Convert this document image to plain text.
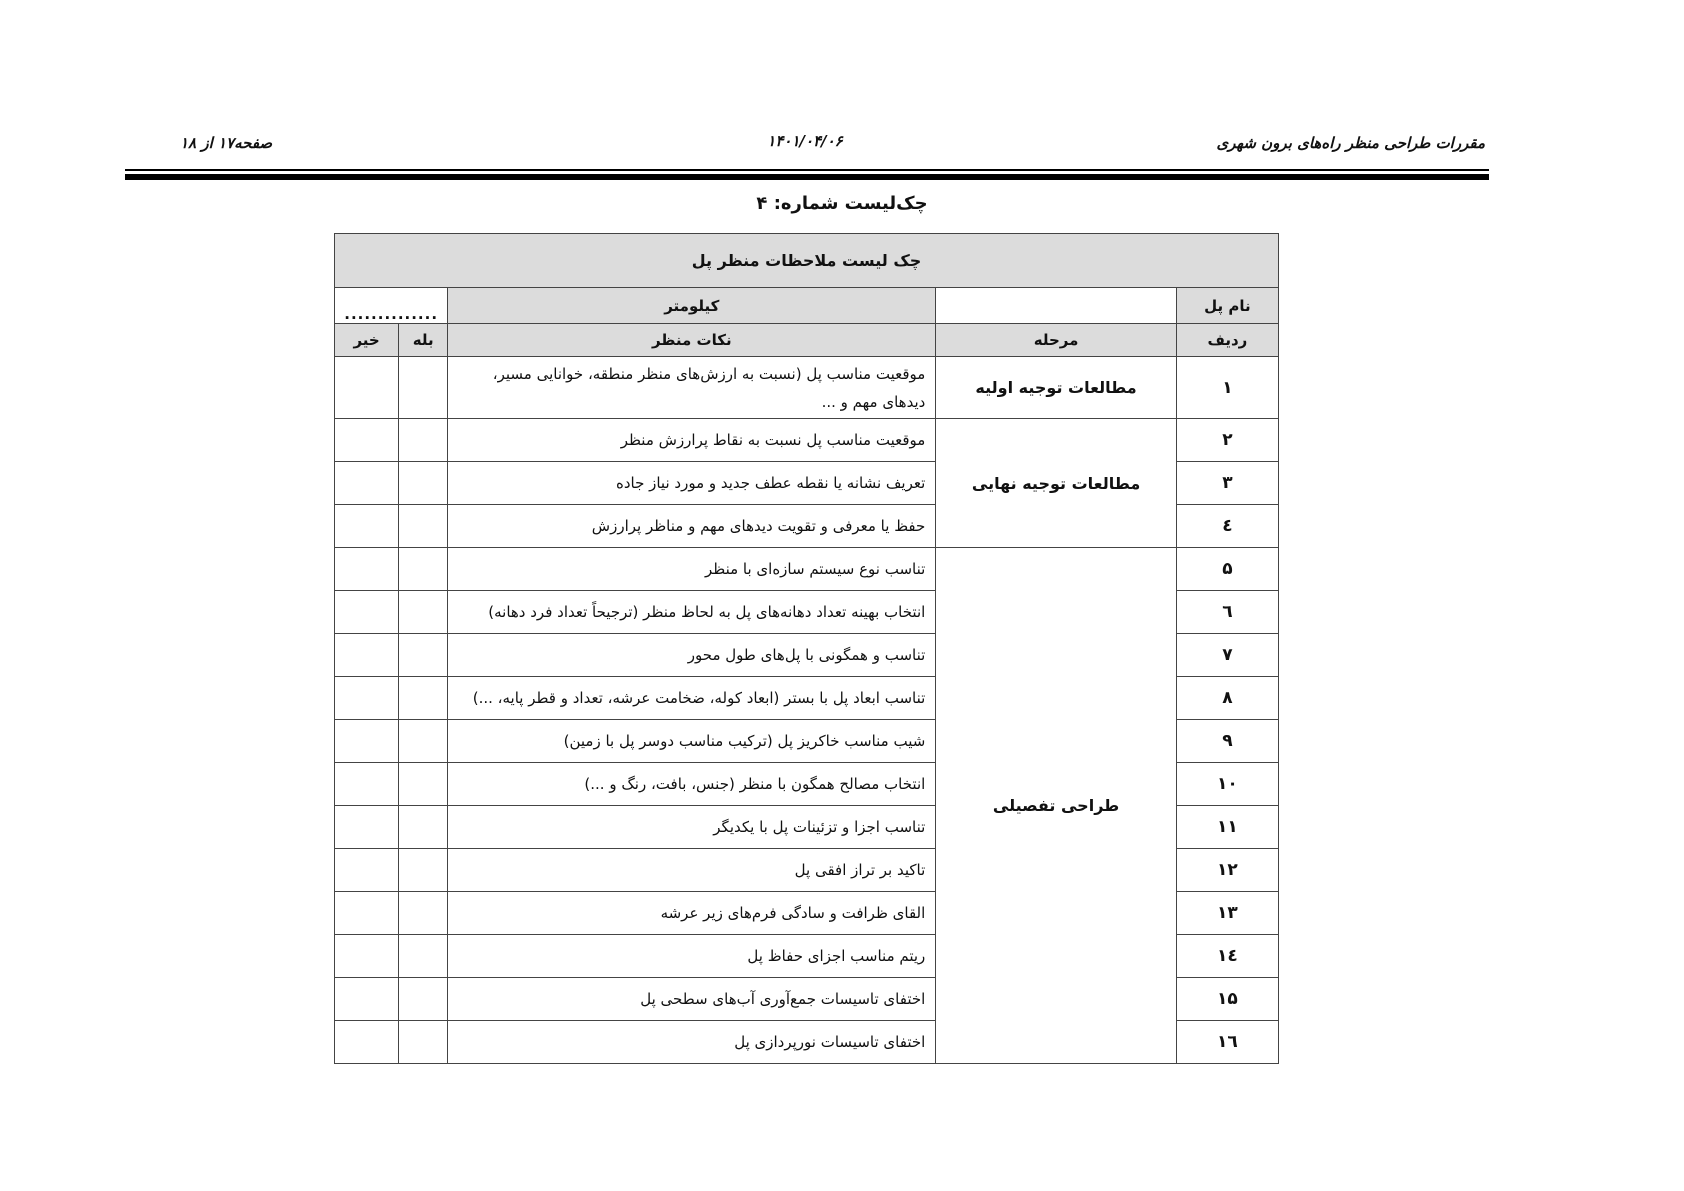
مقررات طراحی منظر راه‌های برون شهری
۱۴۰۱/۰۴/۰۶
صفحه۱۷ از ۱۸
چک‌لیست شماره: ۴
چک لیست ملاحظات منظر پل				
نام پل		کیلومتر	..............	
ردیف	مرحله	نکات منظر	بله	خیر
۱	مطالعات توجیه اولیه	موقعیت مناسب پل (نسبت به ارزش‌های منظر منطقه، خوانایی مسیر، دیدهای مهم و ...		
۲	مطالعات توجیه نهایی	موقعیت مناسب پل نسبت به نقاط پرارزش منظر		
۳		تعریف نشانه یا نقطه عطف جدید و مورد نیاز جاده		
٤		حفظ یا معرفی و تقویت دیدهای مهم و مناظر پرارزش		
۵	طراحی تفصیلی	تناسب نوع سیستم سازه‌ای با منظر		
٦		انتخاب بهینه تعداد دهانه‌های پل به لحاظ منظر (ترجیحاً تعداد فرد دهانه)		
۷		تناسب و همگونی با پل‌های طول محور		
۸		تناسب ابعاد پل با بستر (ابعاد کوله، ضخامت عرشه، تعداد و قطر پایه، ...)		
۹		شیب مناسب خاکریز پل (ترکیب مناسب دوسر پل با زمین)		
۱۰		انتخاب مصالح همگون با منظر (جنس، بافت، رنگ و ...)		
۱۱		تناسب اجزا و تزئینات پل با یکدیگر		
۱۲		تاکید بر تراز افقی پل		
۱۳		القای ظرافت و سادگی فرم‌های زیر عرشه		
١٤		ریتم مناسب اجزای حفاظ پل		
۱۵		اختفای تاسیسات جمع‌آوری آب‌های سطحی پل		
١٦		اختفای تاسیسات نورپردازی پل		
